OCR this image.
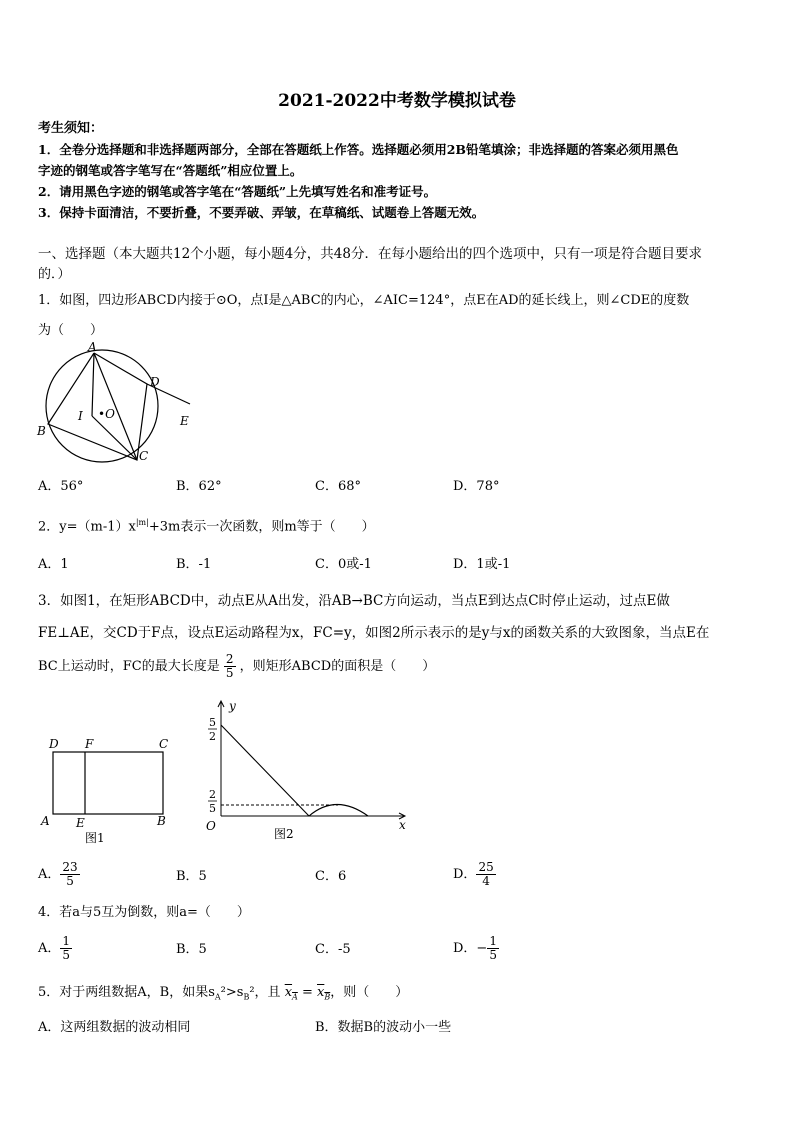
2021-2022中考数学模拟试卷
考生须知：
1．全卷分选择题和非选择题两部分，全部在答题纸上作答。选择题必须用2B铅笔填涂；非选择题的答案必须用黑色
字迹的钢笔或答字笔写在“答题纸”相应位置上。
2．请用黑色字迹的钢笔或答字笔在“答题纸”上先填写姓名和准考证号。
3．保持卡面清洁，不要折叠，不要弄破、弄皱，在草稿纸、试题卷上答题无效。
一、选择题（本大题共12个小题，每小题4分，共48分．在每小题给出的四个选项中，只有一项是符合题目要求
的．）
1．如图，四边形ABCD内接于⊙O，点I是△ABC的内心，∠AIC=124°，点E在AD的延长线上，则∠CDE的度数
为（　　）
A
B
C
D
E
I •O
A．56°	B．62°	C．68°	D．78°
2．$y=(m-1)x^{|m|}+3m$表示一次函数，则m等于（　　）
A．1	B．-1	C．0或-1	D．1或-1
3．如图1，在矩形ABCD中，动点E从A出发，沿AB→BC方向运动，当点E到达点C时停止运动，过点E做
FE⊥AE，交CD于F点，设点E运动路程为x，FC=y，如图2所示表示的是y与x的函数关系的大致图象，当点E在
BC上运动时，FC的最大长度是 $\frac{2}{5}$ ，则矩形ABCD的面积是（　　）
D F	C
A E	B
图1
y
x
O
5
2
2
5
图2
A． $\frac{23}{5}$	B．5	C．6	D． $\frac{25}{4}$
4．若a与5互为倒数，则a=（　　）
A． $\frac{1}{5}$	B．5	C．-5	D．− $\frac{1}{5}$
5．对于两组数据A，B，如果$s_A^2>s_B^2$，且 $x_A = x_B$，则（　　）
A．这两组数据的波动相同	B．数据B的波动小一些
